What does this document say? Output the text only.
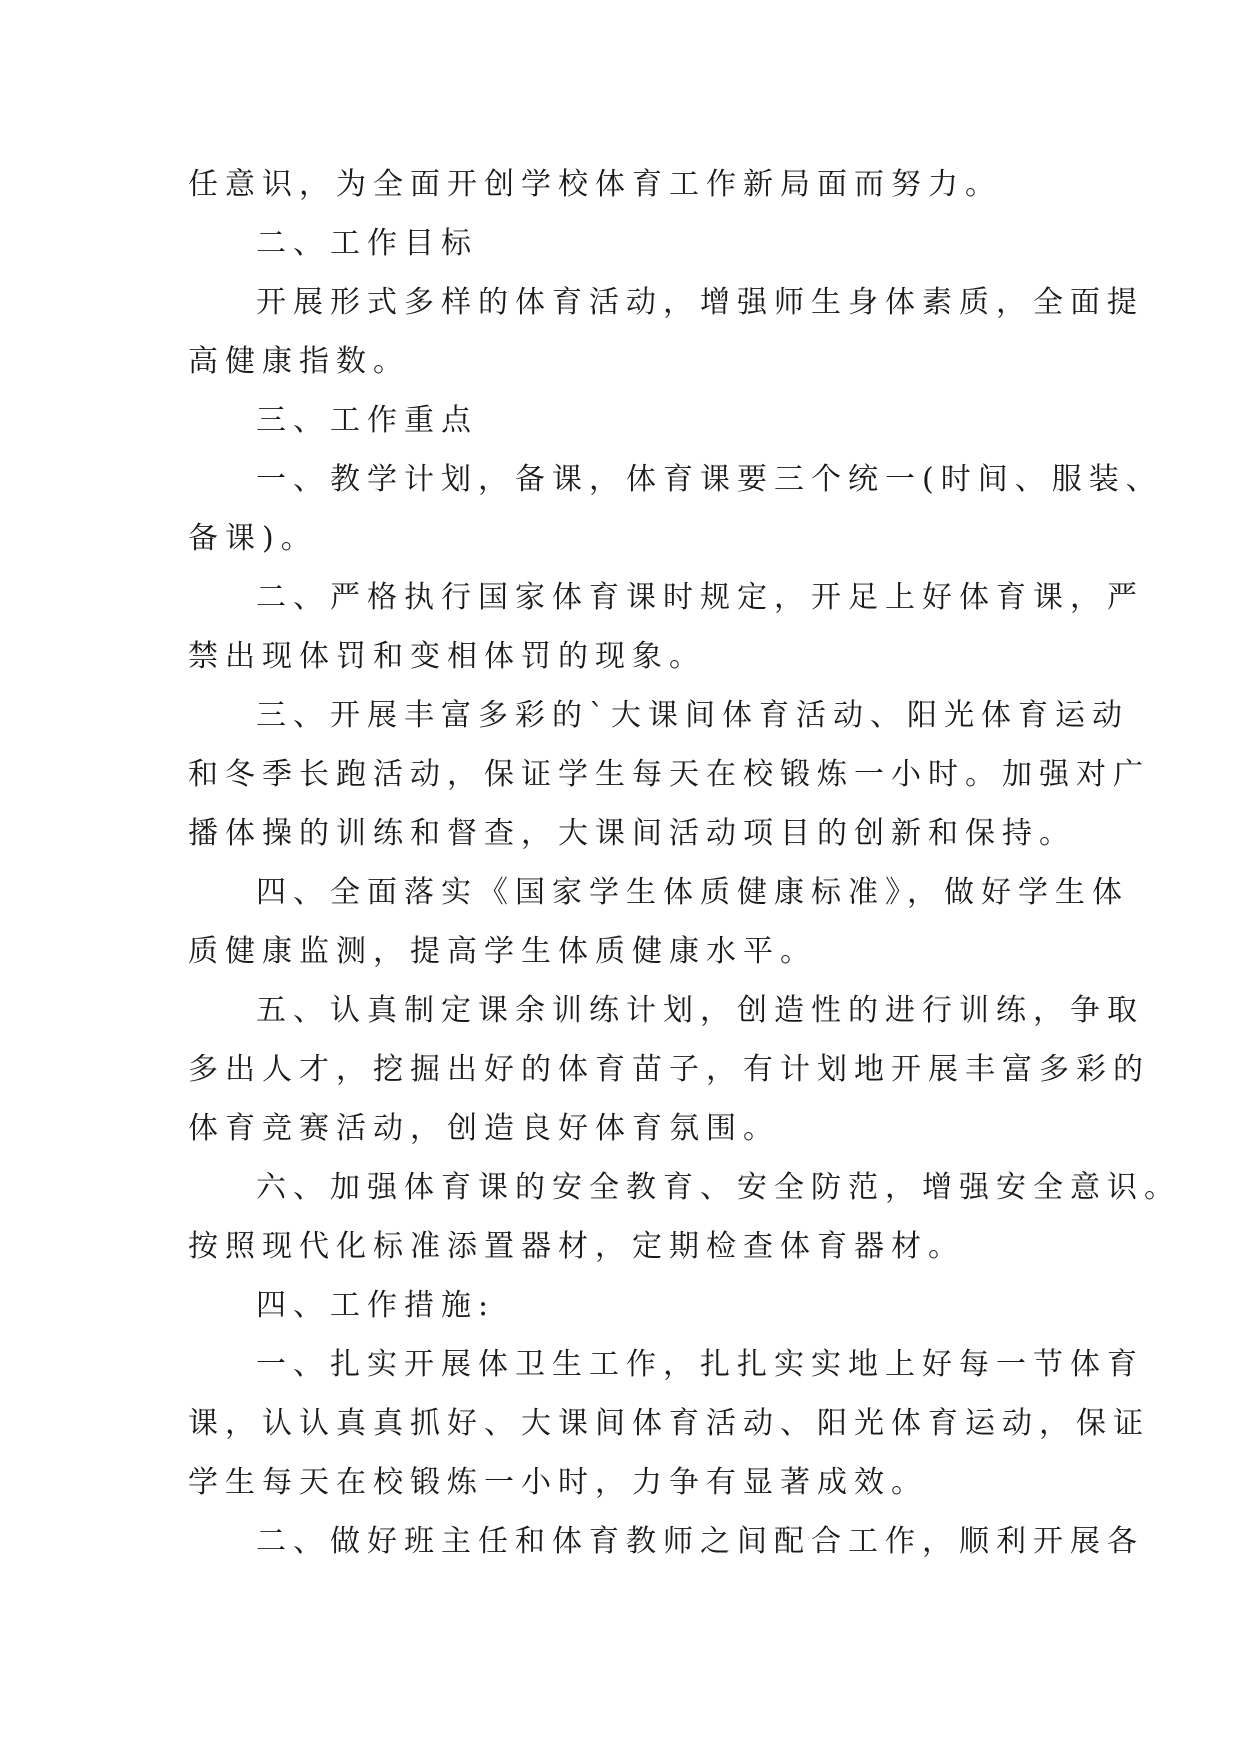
任意识，为全面开创学校体育工作新局面而努力。
二、工作目标
开展形式多样的体育活动，增强师生身体素质，全面提
高健康指数。
三、工作重点
一、教学计划，备课，体育课要三个统一(时间、服装、
备课)。
二、严格执行国家体育课时规定，开足上好体育课，严
禁出现体罚和变相体罚的现象。
三、开展丰富多彩的`大课间体育活动、阳光体育运动
和冬季长跑活动，保证学生每天在校锻炼一小时。加强对广
播体操的训练和督查，大课间活动项目的创新和保持。
四、全面落实《国家学生体质健康标准》，做好学生体
质健康监测，提高学生体质健康水平。
五、认真制定课余训练计划，创造性的进行训练，争取
多出人才，挖掘出好的体育苗子，有计划地开展丰富多彩的
体育竞赛活动，创造良好体育氛围。
六、加强体育课的安全教育、安全防范，增强安全意识。
按照现代化标准添置器材，定期检查体育器材。
四、工作措施:
一、扎实开展体卫生工作，扎扎实实地上好每一节体育
课，认认真真抓好、大课间体育活动、阳光体育运动，保证
学生每天在校锻炼一小时，力争有显著成效。
二、做好班主任和体育教师之间配合工作，顺利开展各
